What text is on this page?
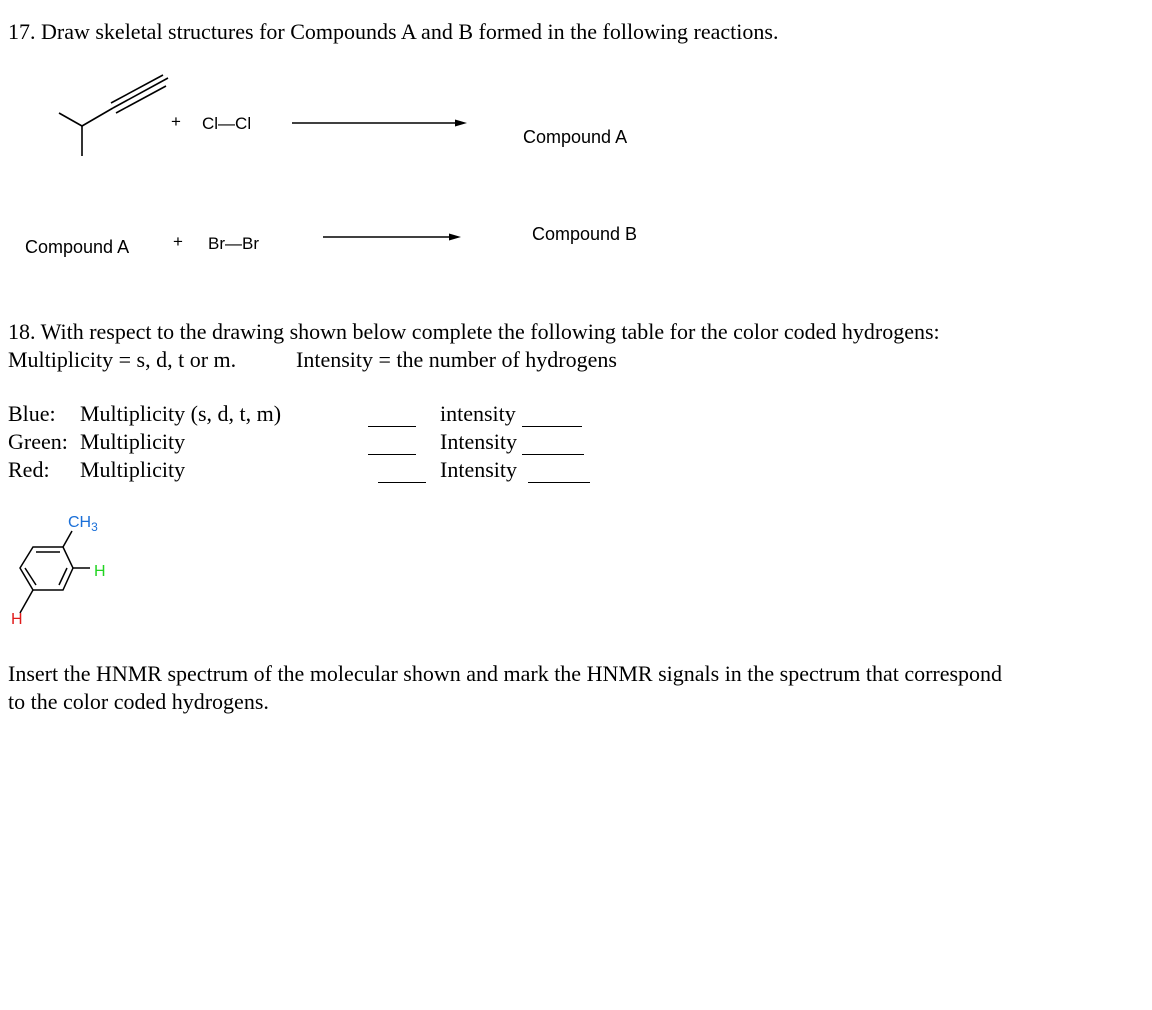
17. Draw skeletal structures for Compounds A and B formed in the following reactions.
+ Cl—Cl
Compound A
Compound A	+ Br—Br	Compound B
18. With respect to the drawing shown below complete the following table for the color coded hydrogens:
Multiplicity = s, d, t or m.	Intensity = the number of hydrogens
Blue: Multiplicity (s, d, t, m)	intensity
Green: Multiplicity	Intensity
Red: Multiplicity	Intensity
$CH_3$
H
H
Insert the HNMR spectrum of the molecular shown and mark the HNMR signals in the spectrum that correspond
to the color coded hydrogens.
